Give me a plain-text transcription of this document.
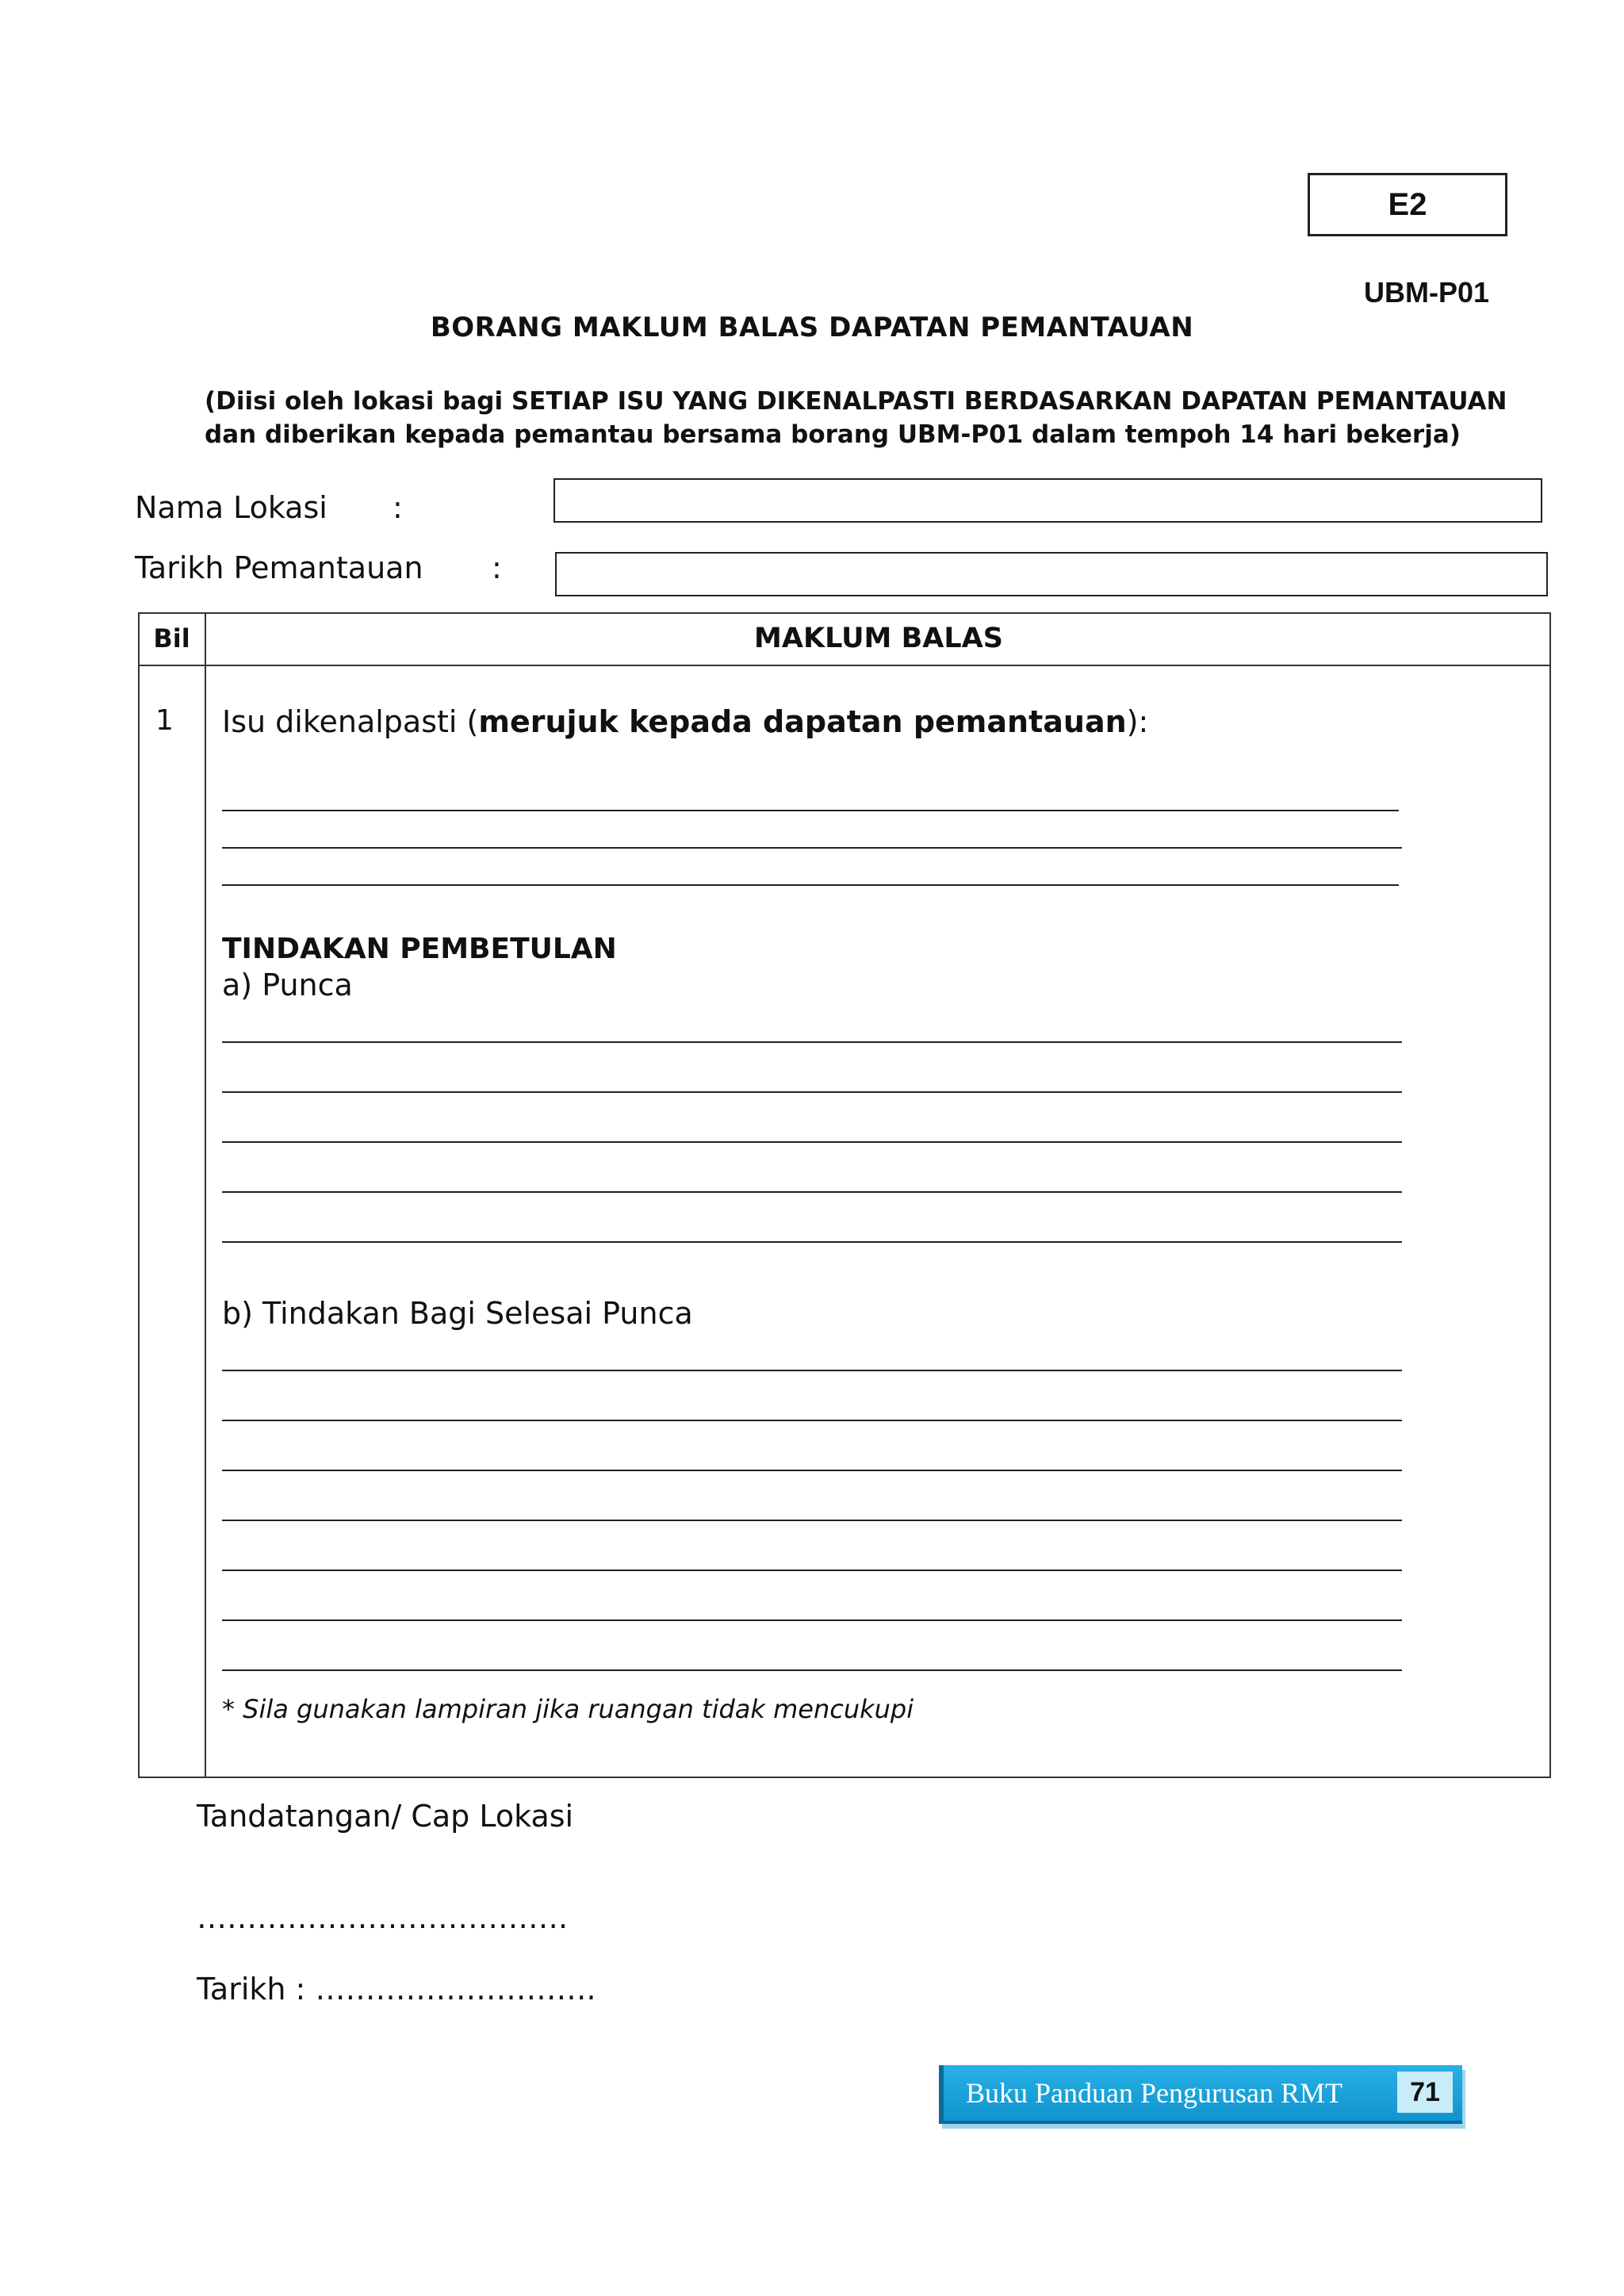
E2
UBM-P01
BORANG MAKLUM BALAS DAPATAN PEMANTAUAN
(Diisi oleh lokasi bagi SETIAP ISU YANG DIKENALPASTI BERDASARKAN DAPATAN PEMANTAUAN
dan diberikan kepada pemantau bersama borang UBM-P01 dalam tempoh 14 hari bekerja)
Nama Lokasi :
Tarikh Pemantauan :
Bil	MAKLUM BALAS
1 Isu dikenalpasti (merujuk kepada dapatan pemantauan):
TINDAKAN PEMBETULAN
a) Punca
b) Tindakan Bagi Selesai Punca
* Sila gunakan lampiran jika ruangan tidak mencukupi
Tandatangan/ Cap Lokasi
……………………………….
Tarikh : ……………………….
Buku Panduan Pengurusan RMT	71
